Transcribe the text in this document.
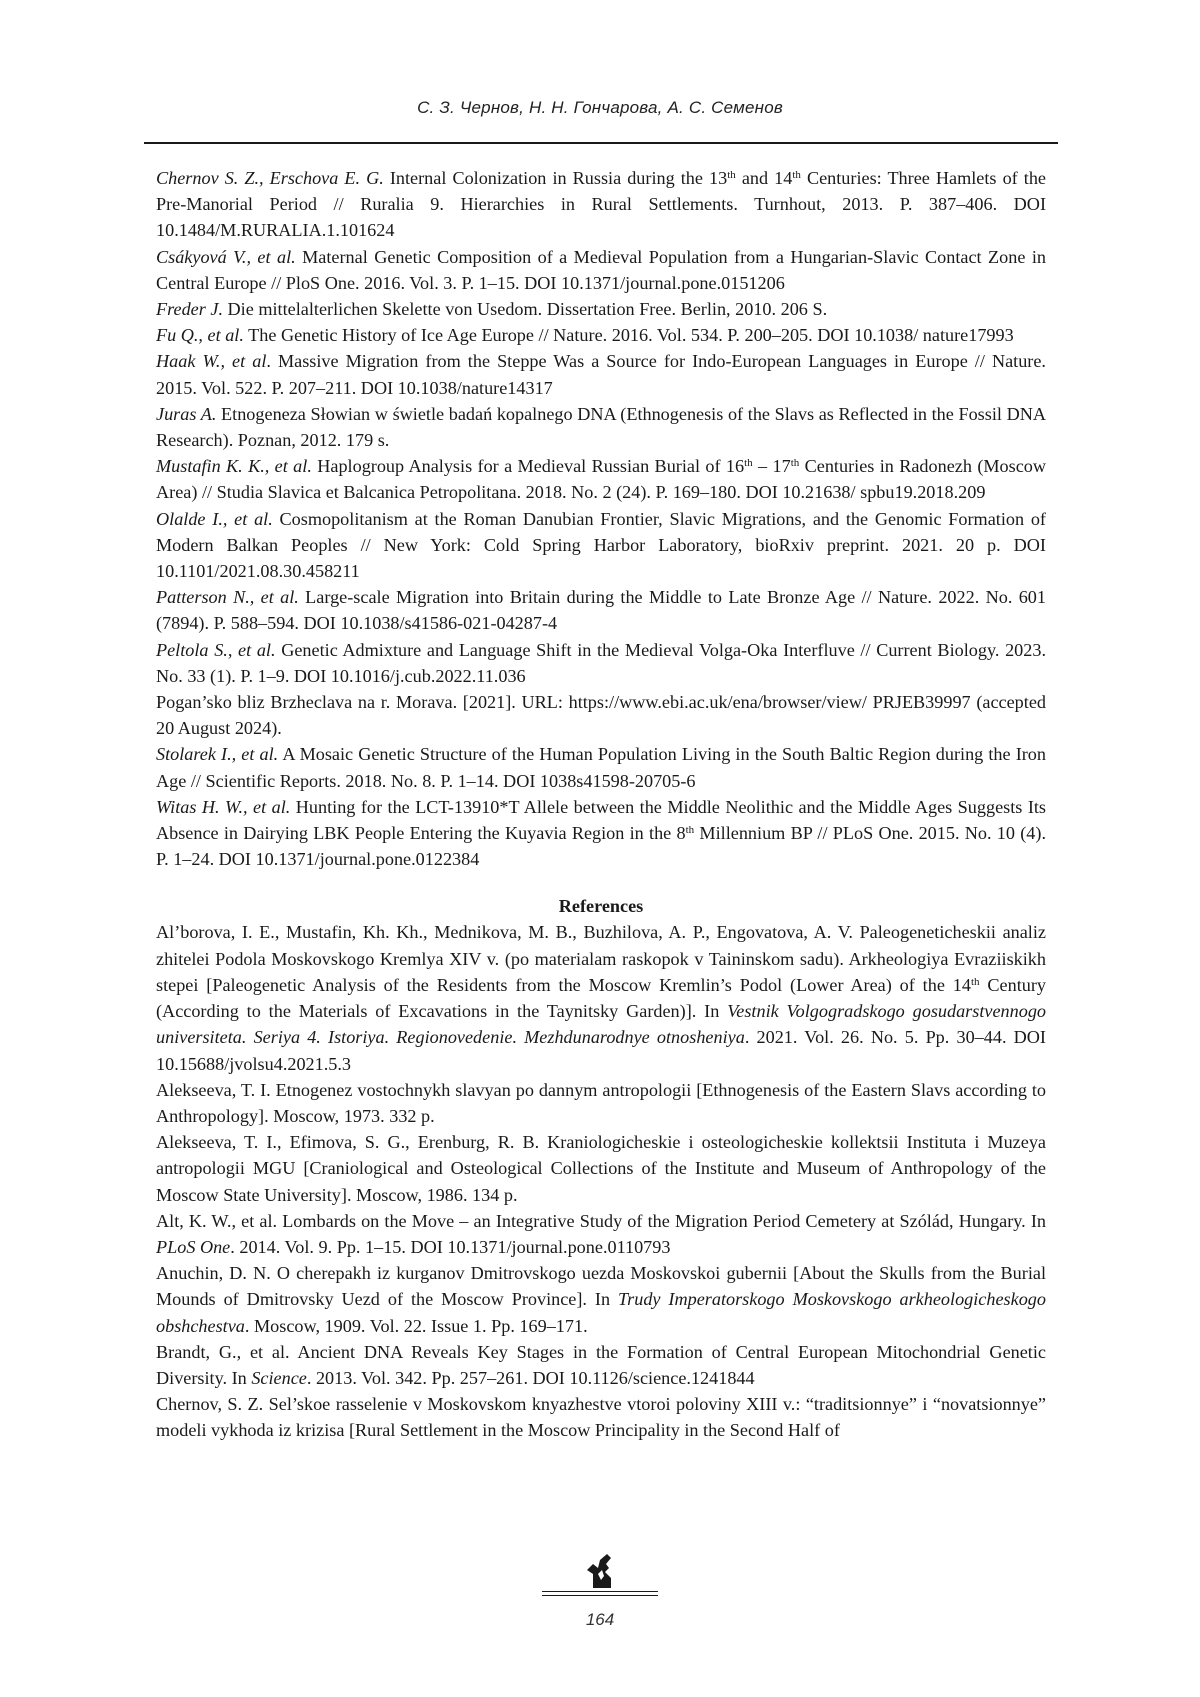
С. З. Чернов, Н. Н. Гончарова, А. С. Семенов

Chernov S. Z., Erschova E. G. Internal Colonization in Russia during the 13th and 14th Centuries: Three Hamlets of the Pre-Manorial Period // Ruralia 9. Hierarchies in Rural Settlements. Turnhout, 2013. P. 387–406. DOI 10.1484/M.RURALIA.1.101624

Csákyová V., et al. Maternal Genetic Composition of a Medieval Population from a Hungarian-Slavic Contact Zone in Central Europe // PloS One. 2016. Vol. 3. P. 1–15. DOI 10.1371/journal.pone.0151206

Freder J. Die mittelalterlichen Skelette von Usedom. Dissertation Free. Berlin, 2010. 206 S.

Fu Q., et al. The Genetic History of Ice Age Europe // Nature. 2016. Vol. 534. P. 200–205. DOI 10.1038/ nature17993

Haak W., et al. Massive Migration from the Steppe Was a Source for Indo-European Languages in Europe // Nature. 2015. Vol. 522. P. 207–211. DOI 10.1038/nature14317

Juras A. Etnogeneza Słowian w świetle badań kopalnego DNA (Ethnogenesis of the Slavs as Reflected in the Fossil DNA Research). Poznan, 2012. 179 s.

Mustafin K. K., et al. Haplogroup Analysis for a Medieval Russian Burial of 16th – 17th Centuries in Radonezh (Moscow Area) // Studia Slavica et Balcanica Petropolitana. 2018. No. 2 (24). P. 169–180. DOI 10.21638/ spbu19.2018.209

Olalde I., et al. Cosmopolitanism at the Roman Danubian Frontier, Slavic Migrations, and the Genomic Formation of Modern Balkan Peoples // New York: Cold Spring Harbor Laboratory, bioRxiv preprint. 2021. 20 p. DOI 10.1101/2021.08.30.458211

Patterson N., et al. Large-scale Migration into Britain during the Middle to Late Bronze Age // Nature. 2022. No. 601 (7894). P. 588–594. DOI 10.1038/s41586-021-04287-4

Peltola S., et al. Genetic Admixture and Language Shift in the Medieval Volga-Oka Interfluve // Current Biology. 2023. No. 33 (1). P. 1–9. DOI 10.1016/j.cub.2022.11.036

Pogan’sko bliz Brzheclava na r. Morava. [2021]. URL: https://www.ebi.ac.uk/ena/browser/view/ PRJEB39997 (accepted 20 August 2024).

Stolarek I., et al. A Mosaic Genetic Structure of the Human Population Living in the South Baltic Region during the Iron Age // Scientific Reports. 2018. No. 8. P. 1–14. DOI 1038s41598-20705-6

Witas H. W., et al. Hunting for the LCT-13910*T Allele between the Middle Neolithic and the Middle Ages Suggests Its Absence in Dairying LBK People Entering the Kuyavia Region in the 8th Millennium BP // PLoS One. 2015. No. 10 (4). P. 1–24. DOI 10.1371/journal.pone.0122384

References

Al’borova, I. E., Mustafin, Kh. Kh., Mednikova, M. B., Buzhilova, A. P., Engovatova, A. V. Paleogeneticheskii analiz zhitelei Podola Moskovskogo Kremlya XIV v. (po materialam raskopok v Taininskom sadu). Arkheologiya Evraziiskikh stepei [Paleogenetic Analysis of the Residents from the Moscow Kremlin’s Podol (Lower Area) of the 14th Century (According to the Materials of Excavations in the Taynitsky Garden)]. In Vestnik Volgogradskogo gosudarstvennogo universiteta. Seriya 4. Istoriya. Regionovedenie. Mezhdunarodnye otnosheniya. 2021. Vol. 26. No. 5. Pp. 30–44. DOI 10.15688/jvolsu4.2021.5.3

Alekseeva, T. I. Etnogenez vostochnykh slavyan po dannym antropologii [Ethnogenesis of the Eastern Slavs according to Anthropology]. Moscow, 1973. 332 p.

Alekseeva, T. I., Efimova, S. G., Erenburg, R. B. Kraniologicheskie i osteologicheskie kollektsii Instituta i Muzeya antropologii MGU [Craniological and Osteological Collections of the Institute and Museum of Anthropology of the Moscow State University]. Moscow, 1986. 134 p.

Alt, K. W., et al. Lombards on the Move – an Integrative Study of the Migration Period Cemetery at Szólád, Hungary. In PLoS One. 2014. Vol. 9. Pp. 1–15. DOI 10.1371/journal.pone.0110793

Anuchin, D. N. O cherepakh iz kurganov Dmitrovskogo uezda Moskovskoi gubernii [About the Skulls from the Burial Mounds of Dmitrovsky Uezd of the Moscow Province]. In Trudy Imperatorskogo Moskovskogo arkheologicheskogo obshchestva. Moscow, 1909. Vol. 22. Issue 1. Pp. 169–171.

Brandt, G., et al. Ancient DNA Reveals Key Stages in the Formation of Central European Mitochondrial Genetic Diversity. In Science. 2013. Vol. 342. Pp. 257–261. DOI 10.1126/science.1241844

Chernov, S. Z. Sel’skoe rasselenie v Moskovskom knyazhestve vtoroi poloviny XIII v.: “traditsionnye” i “novatsionnye” modeli vykhoda iz krizisa [Rural Settlement in the Moscow Principality in the Second Half of

164
